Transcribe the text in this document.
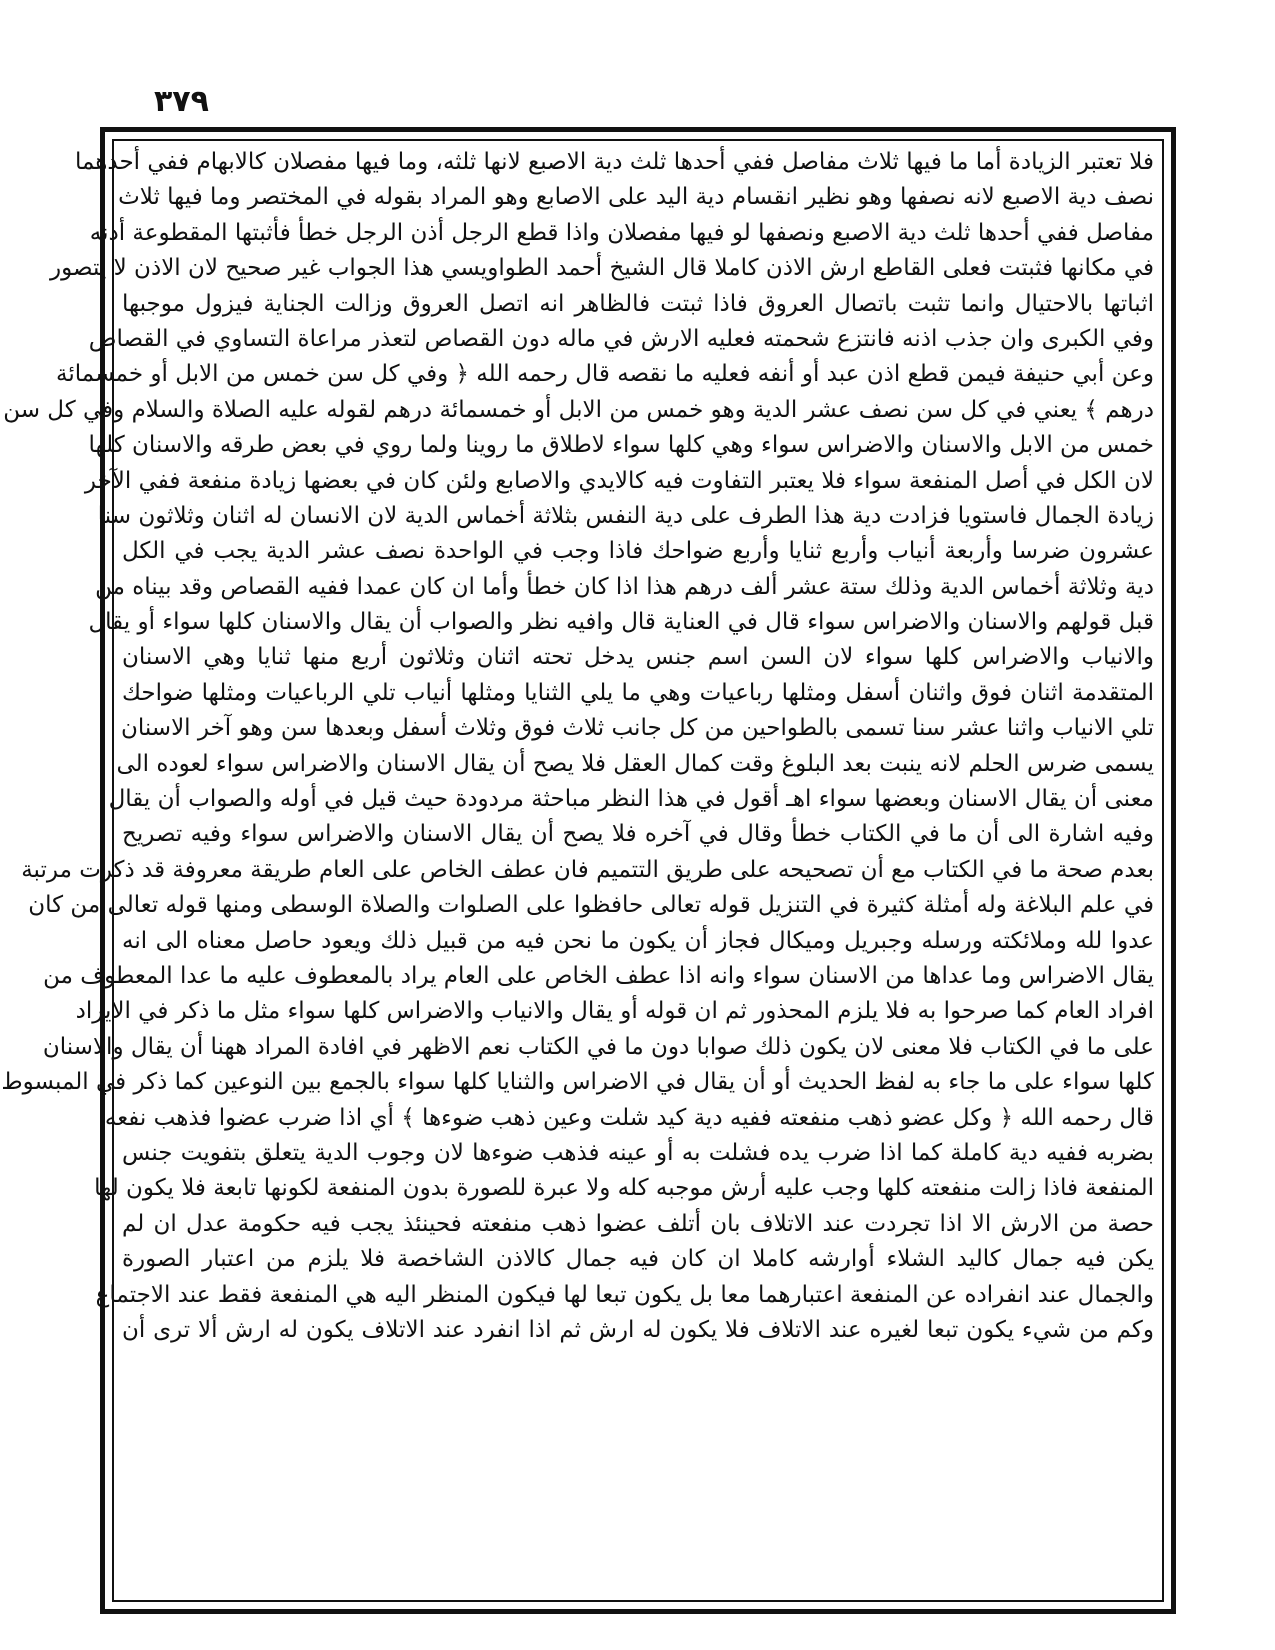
٣٧٩
فلا تعتبر الزيادة أما ما فيها ثلاث مفاصل ففي أحدها ثلث دية الاصبع لانها ثلثه، وما فيها مفصلان كالابهام ففي أحدهما
نصف دية الاصبع لانه نصفها وهو نظير انقسام دية اليد على الاصابع وهو المراد بقوله في المختصر وما فيها ثلاث
مفاصل ففي أحدها ثلث دية الاصبع ونصفها لو فيها مفصلان واذا قطع الرجل أذن الرجل خطأ فأثبتها المقطوعة أذنه
في مكانها فثبتت فعلى القاطع ارش الاذن كاملا قال الشيخ أحمد الطواويسي هذا الجواب غير صحيح لان الاذن لا يتصور
اثباتها بالاحتيال وانما تثبت باتصال العروق فاذا ثبتت فالظاهر انه اتصل العروق وزالت الجناية فيزول موجبها
وفي الكبرى وان جذب اذنه فانتزع شحمته فعليه الارش في ماله دون القصاص لتعذر مراعاة التساوي في القصاص
وعن أبي حنيفة فيمن قطع اذن عبد أو أنفه فعليه ما نقصه قال رحمه الله ﴿ وفي كل سن خمس من الابل أو خمسمائة
درهم ﴾ يعني في كل سن نصف عشر الدية وهو خمس من الابل أو خمسمائة درهم لقوله عليه الصلاة والسلام وفي كل سن
خمس من الابل والاسنان والاضراس سواء وهي كلها سواء لاطلاق ما روينا ولما روي في بعض طرقه والاسنان كلها
لان الكل في أصل المنفعة سواء فلا يعتبر التفاوت فيه كالايدي والاصابع ولئن كان في بعضها زيادة منفعة ففي الآخر
زيادة الجمال فاستويا فزادت دية هذا الطرف على دية النفس بثلاثة أخماس الدية لان الانسان له اثنان وثلاثون سنا
عشرون ضرسا وأربعة أنياب وأربع ثنايا وأربع ضواحك فاذا وجب في الواحدة نصف عشر الدية يجب في الكل
دية وثلاثة أخماس الدية وذلك ستة عشر ألف درهم هذا اذا كان خطأ وأما ان كان عمدا ففيه القصاص وقد بيناه من
قبل قولهم والاسنان والاضراس سواء قال في العناية قال وافيه نظر والصواب أن يقال والاسنان كلها سواء أو يقال
والانياب والاضراس كلها سواء لان السن اسم جنس يدخل تحته اثنان وثلاثون أربع منها ثنايا وهي الاسنان
المتقدمة اثنان فوق واثنان أسفل ومثلها رباعيات وهي ما يلي الثنايا ومثلها أنياب تلي الرباعيات ومثلها ضواحك
تلي الانياب واثنا عشر سنا تسمى بالطواحين من كل جانب ثلاث فوق وثلاث أسفل وبعدها سن وهو آخر الاسنان
يسمى ضرس الحلم لانه ينبت بعد البلوغ وقت كمال العقل فلا يصح أن يقال الاسنان والاضراس سواء لعوده الى
معنى أن يقال الاسنان وبعضها سواء اهـ أقول في هذا النظر مباحثة مردودة حيث قيل في أوله والصواب أن يقال
وفيه اشارة الى أن ما في الكتاب خطأ وقال في آخره فلا يصح أن يقال الاسنان والاضراس سواء وفيه تصريح
بعدم صحة ما في الكتاب مع أن تصحيحه على طريق التتميم فان عطف الخاص على العام طريقة معروفة قد ذكرت مرتبة
في علم البلاغة وله أمثلة كثيرة في التنزيل قوله تعالى حافظوا على الصلوات والصلاة الوسطى ومنها قوله تعالى من كان
عدوا لله وملائكته ورسله وجبريل وميكال فجاز أن يكون ما نحن فيه من قبيل ذلك ويعود حاصل معناه الى انه
يقال الاضراس وما عداها من الاسنان سواء وانه اذا عطف الخاص على العام يراد بالمعطوف عليه ما عدا المعطوف من
افراد العام كما صرحوا به فلا يلزم المحذور ثم ان قوله أو يقال والانياب والاضراس كلها سواء مثل ما ذكر في الايراد
على ما في الكتاب فلا معنى لان يكون ذلك صوابا دون ما في الكتاب نعم الاظهر في افادة المراد ههنا أن يقال والاسنان
كلها سواء على ما جاء به لفظ الحديث أو أن يقال في الاضراس والثنايا كلها سواء بالجمع بين النوعين كما ذكر في المبسوط
قال رحمه الله ﴿ وكل عضو ذهب منفعته ففيه دية كيد شلت وعين ذهب ضوءها ﴾ أي اذا ضرب عضوا فذهب نفعه
بضربه ففيه دية كاملة كما اذا ضرب يده فشلت به أو عينه فذهب ضوءها لان وجوب الدية يتعلق بتفويت جنس
المنفعة فاذا زالت منفعته كلها وجب عليه أرش موجبه كله ولا عبرة للصورة بدون المنفعة لكونها تابعة فلا يكون لها
حصة من الارش الا اذا تجردت عند الاتلاف بان أتلف عضوا ذهب منفعته فحينئذ يجب فيه حكومة عدل ان لم
يكن فيه جمال كاليد الشلاء أوارشه كاملا ان كان فيه جمال كالاذن الشاخصة فلا يلزم من اعتبار الصورة
والجمال عند انفراده عن المنفعة اعتبارهما معا بل يكون تبعا لها فيكون المنظر اليه هي المنفعة فقط عند الاجتماع
وكم من شيء يكون تبعا لغيره عند الاتلاف فلا يكون له ارش ثم اذا انفرد عند الاتلاف يكون له ارش ألا ترى أن
